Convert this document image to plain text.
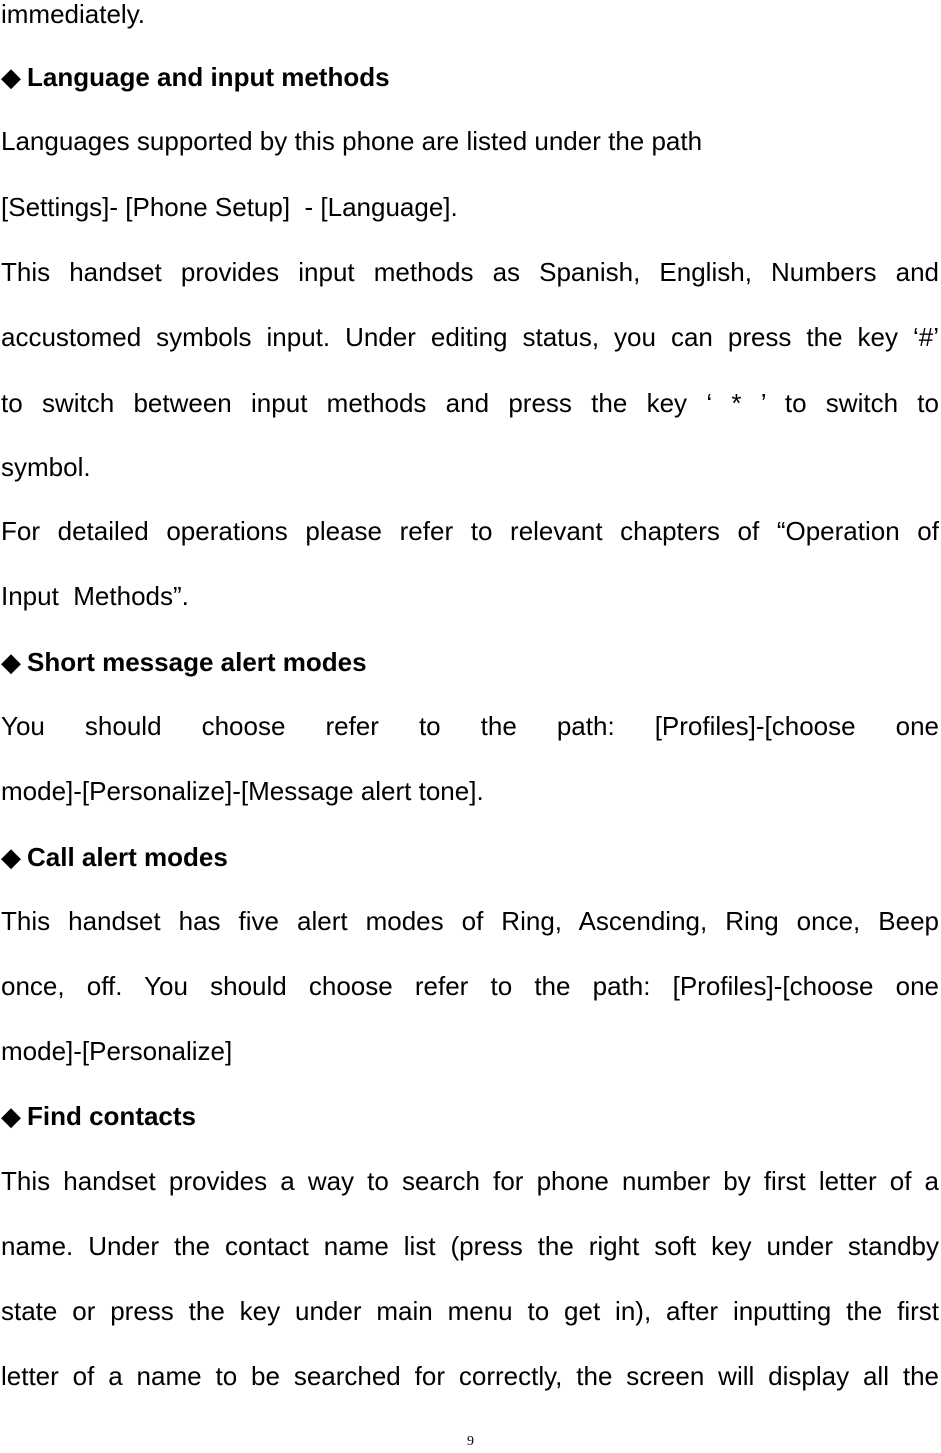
immediately.
◆ Language and input methods
Languages supported by this phone are listed under the path
[Settings]- [Phone Setup]  - [Language].
This handset provides input methods as Spanish, English, Numbers and
accustomed symbols input. Under editing status, you can press the key ‘#’
to switch between input methods and press the key ‘ * ’ to switch to
symbol.
For detailed operations please refer to relevant chapters of “Operation of
Input  Methods”.
◆ Short message alert modes
You should choose refer to the path: [Profiles]-[choose one
mode]-[Personalize]-[Message alert tone].
◆ Call alert modes
This handset has five alert modes of Ring, Ascending, Ring once, Beep
once, off. You should choose refer to the path: [Profiles]-[choose one
mode]-[Personalize]
◆ Find contacts
This handset provides a way to search for phone number by first letter of a
name. Under the contact name list (press the right soft key under standby
state or press the key under main menu to get in), after inputting the first
letter of a name to be searched for correctly, the screen will display all the
9
